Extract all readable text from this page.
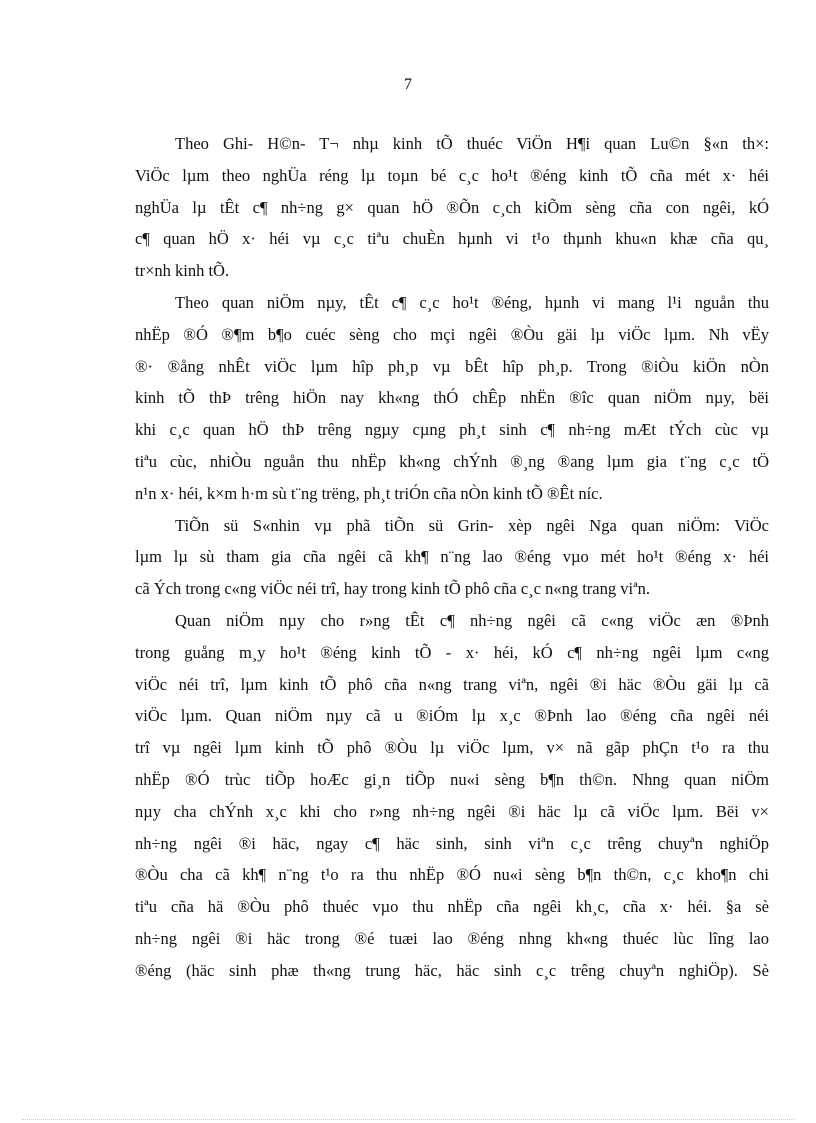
7
Theo Ghi- H©n- T¬ nhµ kinh tÕ thuéc ViÖn H¶i quan Lu©n §«n th×:
ViÖc lµm theo nghÜa réng lµ toµn bé c¸c ho¹t ®éng kinh tÕ cña mét x· héi
nghÜa lµ tÊt c¶ nh÷ng g× quan hÖ ®Õn c¸ch kiÕm sèng cña con ngêi, kÓ
c¶ quan hÖ x· héi vµ c¸c tiªu chuÈn hµnh vi t¹o thµnh khu«n khæ cña qu¸
tr×nh kinh tÕ.
Theo quan niÖm nµy, tÊt c¶ c¸c ho¹t ®éng, hµnh vi mang l¹i nguån thu
nhËp ®Ó ®¶m b¶o cuéc sèng cho mçi ngêi ®Òu gäi lµ viÖc lµm. Nh vËy
®· ®ång nhÊt viÖc lµm hîp ph¸p vµ bÊt hîp ph¸p. Trong ®iÒu kiÖn nÒn
kinh tÕ thÞ trêng hiÖn nay kh«ng thÓ chÊp nhËn ®îc quan niÖm nµy, bëi
khi c¸c quan hÖ thÞ trêng ngµy cµng ph¸t sinh c¶ nh÷ng mÆt tÝch cùc vµ
tiªu cùc, nhiÒu nguån thu nhËp kh«ng chÝnh ®¸ng ®ang lµm gia t¨ng c¸c tÖ
n¹n x· héi, k×m h·m sù t¨ng trëng, ph¸t triÓn cña nÒn kinh tÕ ®Êt níc.
TiÕn sü S«nhin vµ phã tiÕn sü Grin- xèp ngêi Nga quan niÖm: ViÖc
lµm lµ sù tham gia cña ngêi cã kh¶ n¨ng lao ®éng vµo mét ho¹t ®éng x· héi
cã Ých trong c«ng viÖc néi trî, hay trong kinh tÕ phô cña c¸c n«ng trang viªn.
Quan niÖm nµy cho r»ng tÊt c¶ nh÷ng ngêi cã c«ng viÖc æn ®Þnh
trong guång m¸y ho¹t ®éng kinh tÕ - x· héi, kÓ c¶ nh÷ng ngêi lµm c«ng
viÖc néi trî, lµm kinh tÕ phô cña n«ng trang viªn, ngêi ®i häc ®Òu gäi lµ cã
viÖc lµm. Quan niÖm nµy cã u ®iÓm lµ x¸c ®Þnh lao ®éng cña ngêi néi
trî vµ ngêi lµm kinh tÕ phô ®Òu lµ viÖc lµm, v× nã gãp phÇn t¹o ra thu
nhËp ®Ó trùc tiÕp hoÆc gi¸n tiÕp nu«i sèng b¶n th©n. Nhng quan niÖm
nµy cha chÝnh x¸c khi cho r»ng nh÷ng ngêi ®i häc lµ cã viÖc lµm. Bëi v×
nh÷ng ngêi ®i häc, ngay c¶ häc sinh, sinh viªn c¸c trêng chuyªn nghiÖp
®Òu cha cã kh¶ n¨ng t¹o ra thu nhËp ®Ó nu«i sèng b¶n th©n, c¸c kho¶n chi
tiªu cña hä ®Òu phô thuéc vµo thu nhËp cña ngêi kh¸c, cña x· héi. §a sè
nh÷ng ngêi ®i häc trong ®é tuæi lao ®éng nhng kh«ng thuéc lùc lîng lao
®éng (häc sinh phæ th«ng trung häc, häc sinh c¸c trêng chuyªn nghiÖp). Sè
